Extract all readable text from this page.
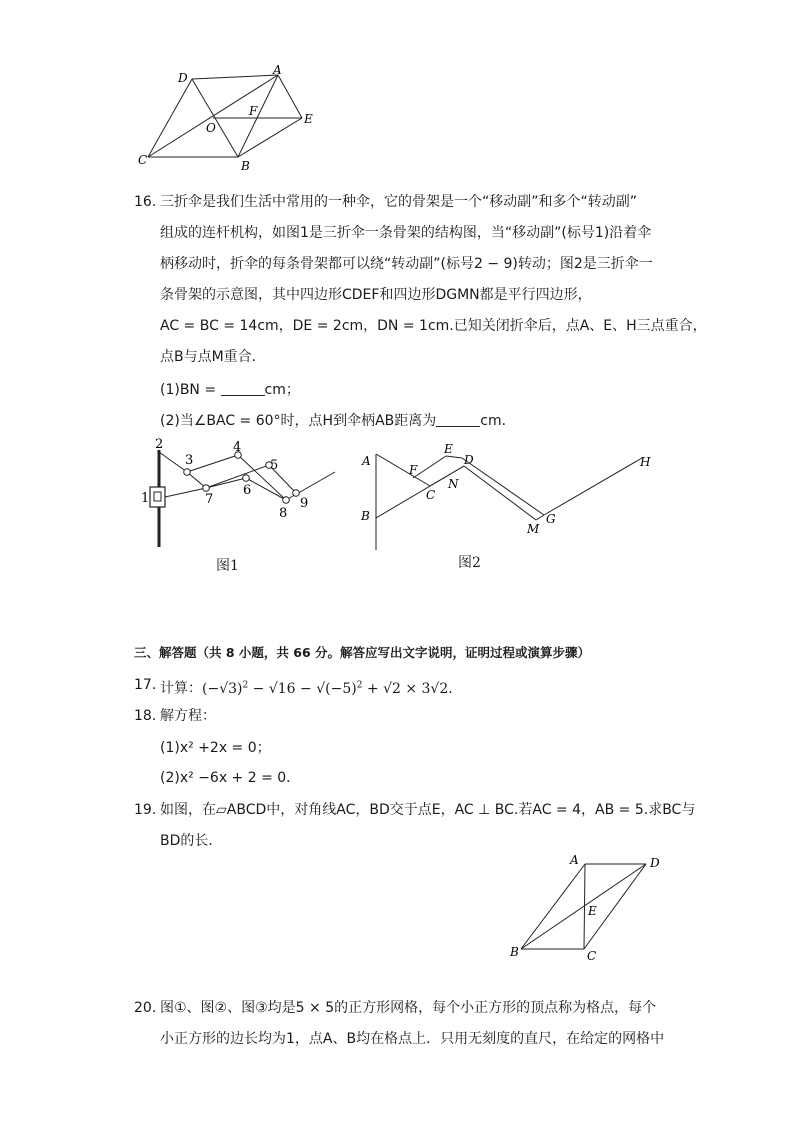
D
A
F
O
E
C	B
16. 三折伞是我们生活中常用的一种伞，它的骨架是一个“移动副”和多个“转动副”
组成的连杆机构，如图1是三折伞一条骨架的结构图，当“移动副”(标号1)沿着伞
柄移动时，折伞的每条骨架都可以绕“转动副”(标号2 − 9)转动；图2是三折伞一
条骨架的示意图，其中四边形CDEF和四边形DGMN都是平行四边形，
AC = BC = 14cm，DE = 2cm，DN = 1cm.已知关闭折伞后，点A、E、H三点重合，
点B与点M重合．
(1)BN =	cm；
(2)当∠BAC = 60°时，点H到伞柄AB距离为	cm．
1
2
3
4
5
6
7
8
9
图1
A
B
F
E
D
C
N
M
G
H
图2
三、解答题（共 8 小题，共 66 分。解答应写出文字说明，证明过程或演算步骤）
17. 计算：$(-√3)^2 - √16 - √(-5)^2 + √2 \times 3√2$.
18. 解方程：
(1)x² +2x = 0；
(2)x² −6x + 2 = 0．
19. 如图，在▱ABCD中，对角线AC，BD交于点E，AC ⊥ BC.若AC = 4，AB = 5.求BC与
BD的长．
A	D
E
B	C
20. 图①、图②、图③均是5 × 5的正方形网格，每个小正方形的顶点称为格点，每个
小正方形的边长均为1，点A、B均在格点上．只用无刻度的直尺，在给定的网格中
